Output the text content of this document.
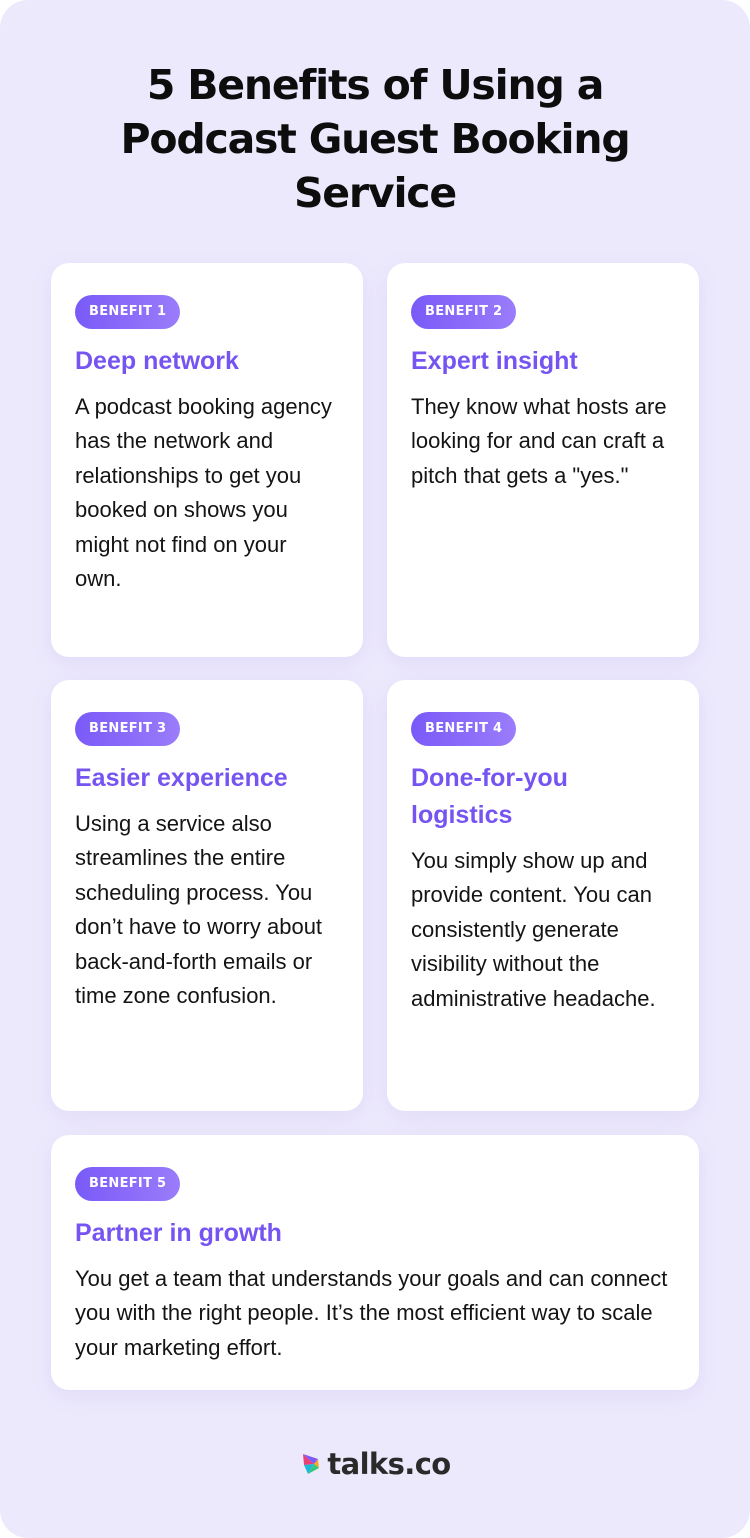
5 Benefits of Using a
Podcast Guest Booking
Service
BENEFIT 1
Deep network
A podcast booking agency has the network and relationships to get you booked on shows you might not find on your own.
BENEFIT 2
Expert insight
They know what hosts are looking for and can craft a pitch that gets a "yes."
BENEFIT 3
Easier experience
Using a service also streamlines the entire scheduling process. You don’t have to worry about back-and-forth emails or time zone confusion.
BENEFIT 4
Done-for-you logistics
You simply show up and provide content. You can consistently generate visibility without the administrative headache.
BENEFIT 5
Partner in growth
You get a team that understands your goals and can connect you with the right people. It’s the most efficient way to scale your marketing effort.
talks.co
